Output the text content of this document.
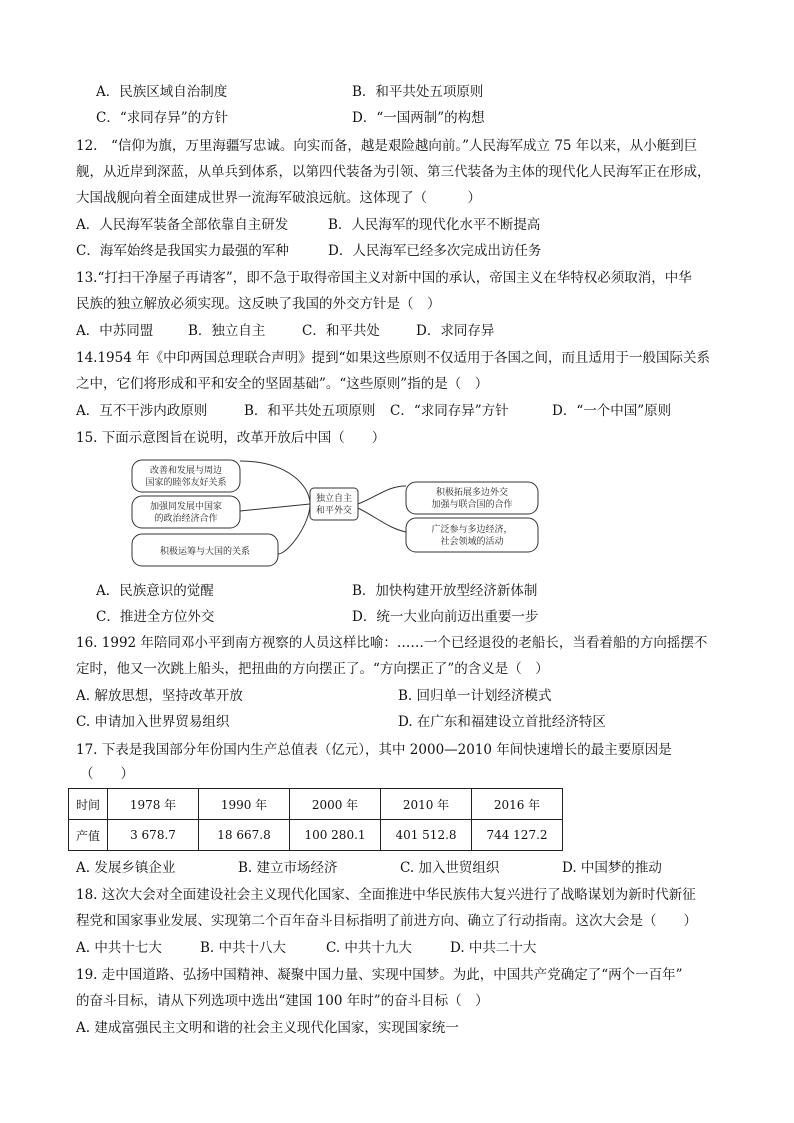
A．民族区域自治制度	B．和平共处五项原则
C．“求同存异”的方针	D．“一国两制”的构想
12.　“信仰为旗，万里海疆写忠诚。向实而备，越是艰险越向前。”人民海军成立 75 年以来，从小艇到巨
舰，从近岸到深蓝，从单兵到体系，以第四代装备为引领、第三代装备为主体的现代化人民海军正在形成，
大国战舰向着全面建成世界一流海军破浪远航。这体现了（　　　）
A．人民海军装备全部依靠自主研发	B．人民海军的现代化水平不断提高
C．海军始终是我国实力最强的军种	D．人民海军已经多次完成出访任务
13.“打扫干净屋子再请客”，即不急于取得帝国主义对新中国的承认，帝国主义在华特权必须取消，中华
民族的独立解放必须实现。这反映了我国的外交方针是（　）
A．中苏同盟	B．独立自主	C．和平共处	D．求同存异
14.1954 年《中印两国总理联合声明》提到“如果这些原则不仅适用于各国之间，而且适用于一般国际关系
之中，它们将形成和平和安全的坚固基础”。“这些原则”指的是（　）
A．互不干涉内政原则	B．和平共处五项原则 C．“求同存异”方针	D．“一个中国”原则
15. 下面示意图旨在说明，改革开放后中国（　　）
改善和发展与周边
国家的睦邻友好关系
加强同发展中国家
的政治经济合作
积极运筹与大国的关系
独立自主
和平外交
积极拓展多边外交
加强与联合国的合作
广泛参与多边经济，
社会领域的活动
A．民族意识的觉醒	B．加快构建开放型经济新体制
C．推进全方位外交	D．统一大业向前迈出重要一步
16. 1992 年陪同邓小平到南方视察的人员这样比喻：……一个已经退役的老船长，当看着船的方向摇摆不
定时，他又一次跳上船头，把扭曲的方向摆正了。“方向摆正了”的含义是（　）
A. 解放思想，坚持改革开放	B. 回归单一计划经济模式
C. 申请加入世界贸易组织	D. 在广东和福建设立首批经济特区
17. 下表是我国部分年份国内生产总值表（亿元），其中 2000—2010 年间快速增长的最主要原因是
（　　）
时间	1978 年	1990 年	2000 年	2010 年	2016 年
产值	3 678.7	18 667.8	100 280.1	401 512.8	744 127.2
A. 发展乡镇企业	B. 建立市场经济	C. 加入世贸组织	D. 中国梦的推动
18. 这次大会对全面建设社会主义现代化国家、全面推进中华民族伟大复兴进行了战略谋划为新时代新征
程党和国家事业发展、实现第二个百年奋斗目标指明了前进方向、确立了行动指南。这次大会是（　　）
A. 中共十七大	B. 中共十八大	C. 中共十九大	D. 中共二十大
19. 走中国道路、弘扬中国精神、凝聚中国力量、实现中国梦。为此，中国共产党确定了“两个一百年”
的奋斗目标，请从下列选项中选出“建国 100 年时”的奋斗目标（　）
A. 建成富强民主文明和谐的社会主义现代化国家，实现国家统一
